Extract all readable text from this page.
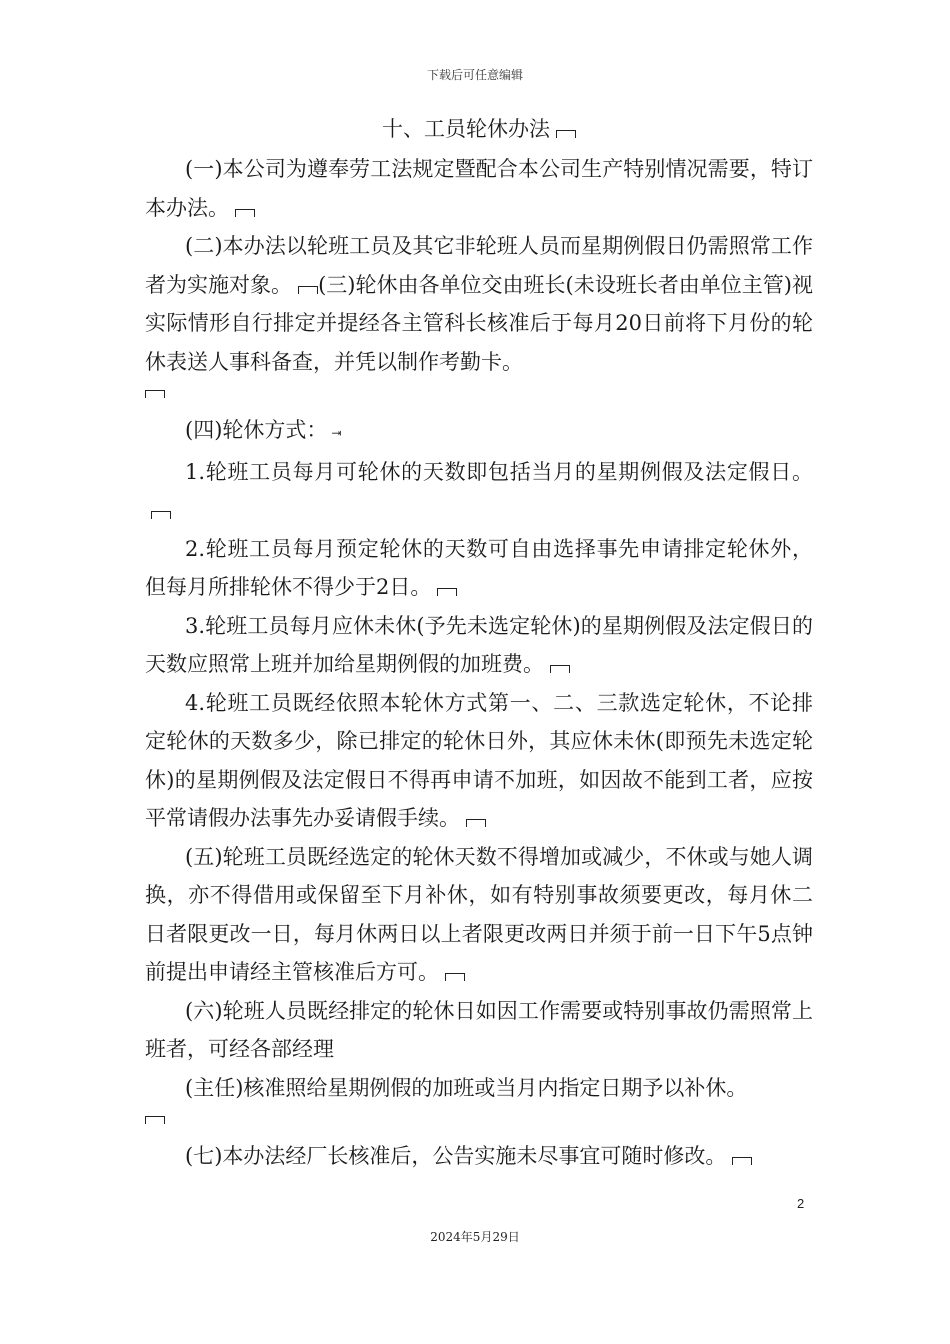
下载后可任意编辑
十、工员轮休办法

(一)本公司为遵奉劳工法规定暨配合本公司生产特别情况需要，特订本办法。

(二)本办法以轮班工员及其它非轮班人员而星期例假日仍需照常工作者为实施对象。 (三)轮休由各单位交由班长(未设班长者由单位主管)视实际情形自行排定并提经各主管科长核准后于每月20日前将下月份的轮休表送人事科备查，并凭以制作考勤卡。

(四)轮休方式： ⇥

1.轮班工员每月可轮休的天数即包括当月的星期例假及法定假日。

2.轮班工员每月预定轮休的天数可自由选择事先申请排定轮休外，但每月所排轮休不得少于2日。

3.轮班工员每月应休未休(予先未选定轮休)的星期例假及法定假日的天数应照常上班并加给星期例假的加班费。

4.轮班工员既经依照本轮休方式第一、二、三款选定轮休，不论排定轮休的天数多少，除已排定的轮休日外，其应休未休(即预先未选定轮休)的星期例假及法定假日不得再申请不加班，如因故不能到工者，应按平常请假办法事先办妥请假手续。

(五)轮班工员既经选定的轮休天数不得增加或减少，不休或与她人调换，亦不得借用或保留至下月补休，如有特别事故须要更改，每月休二日者限更改一日，每月休两日以上者限更改两日并须于前一日下午5点钟前提出申请经主管核准后方可。

(六)轮班人员既经排定的轮休日如因工作需要或特别事故仍需照常上班者，可经各部经理

(主任)核准照给星期例假的加班或当月内指定日期予以补休。

(七)本办法经厂长核准后，公告实施未尽事宜可随时修改。

2
2024年5月29日
